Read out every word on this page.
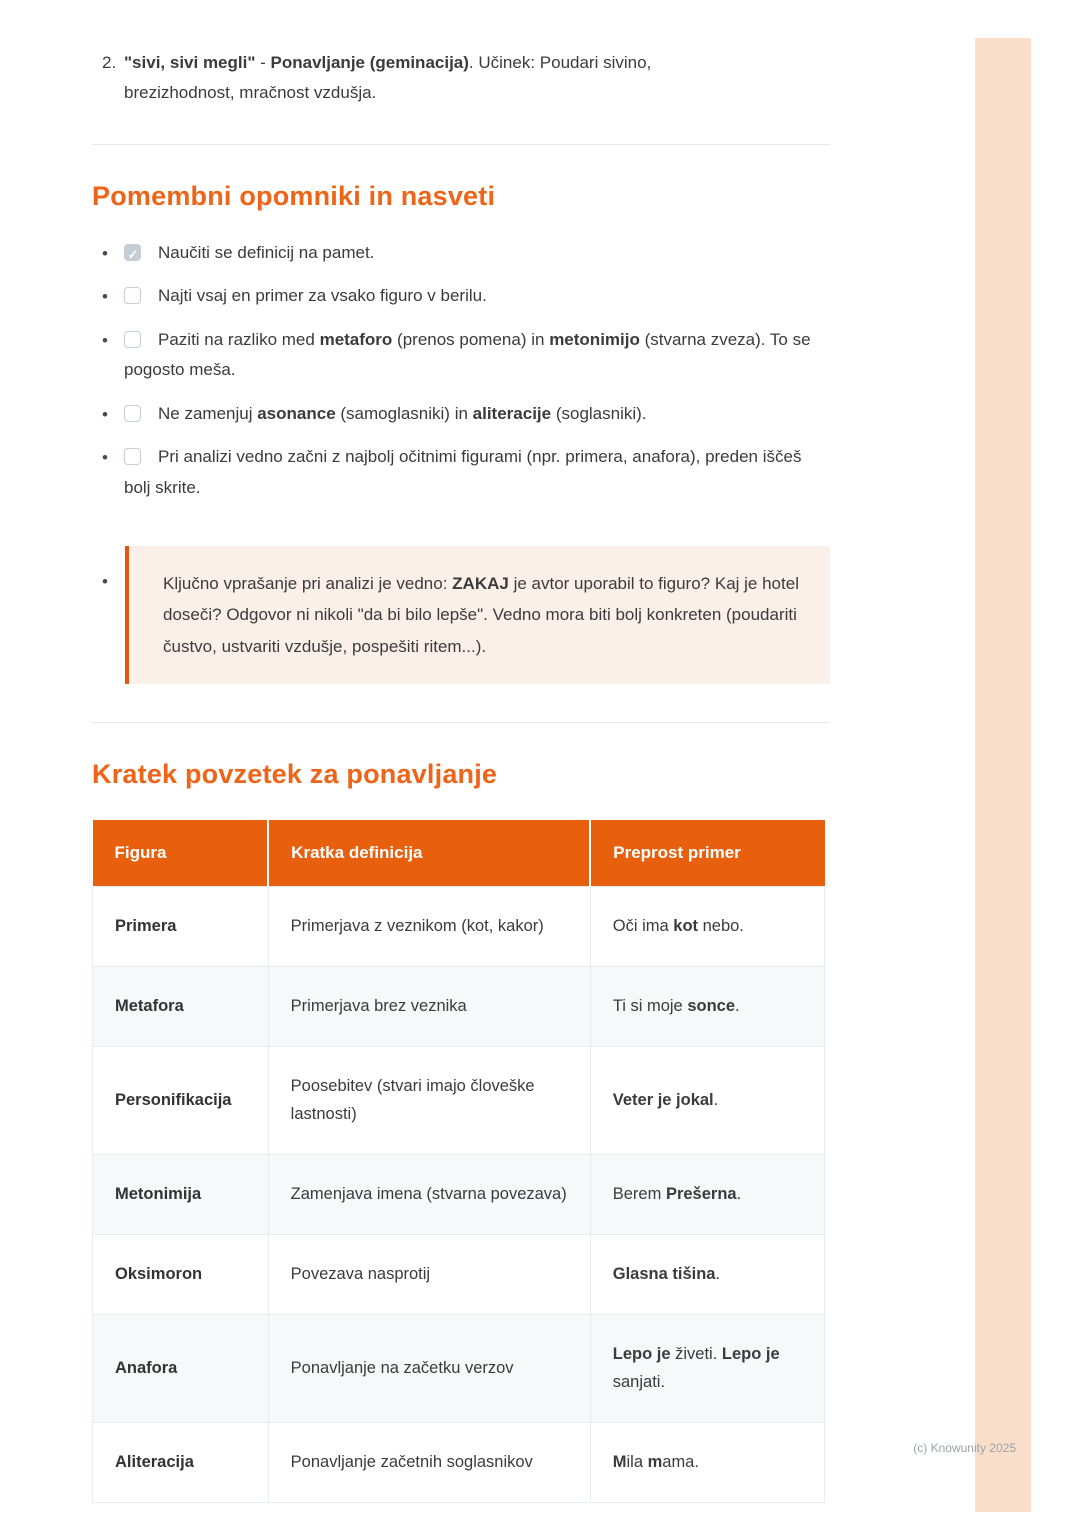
2. "sivi, sivi megli" - Ponavljanje (geminacija). Učinek: Poudari sivino, brezizhodnost, mračnost vzdušja.
Pomembni opomniki in nasveti
• ✓	Naučiti se definicij na pamet.
•	Najti vsaj en primer za vsako figuro v berilu.
•	Paziti na razliko med metaforo (prenos pomena) in metonimijo (stvarna zveza). To se pogosto meša.
•	Ne zamenjuj asonance (samoglasniki) in aliteracije (soglasniki).
•	Pri analizi vedno začni z najbolj očitnimi figurami (npr. primera, anafora), preden iščeš bolj skrite.
•	Ključno vprašanje pri analizi je vedno: ZAKAJ je avtor uporabil to figuro? Kaj je hotel doseči? Odgovor ni nikoli "da bi bilo lepše". Vedno mora biti bolj konkreten (poudariti čustvo, ustvariti vzdušje, pospešiti ritem...).

Kratek povzetek za ponavljanje
Figura	Kratka definicija	Preprost primer
Primera	Primerjava z veznikom (kot, kakor)	Oči ima kot nebo.
Metafora	Primerjava brez veznika	Ti si moje sonce.
Personifikacija	Poosebitev (stvari imajo človeške lastnosti)	Veter je jokal.
Metonimija	Zamenjava imena (stvarna povezava)	Berem Prešerna.
Oksimoron	Povezava nasprotij	Glasna tišina.
Anafora	Ponavljanje na začetku verzov	Lepo je živeti. Lepo je sanjati.
Aliteracija	Ponavljanje začetnih soglasnikov	Mila mama.
(c) Knowunity 2025
